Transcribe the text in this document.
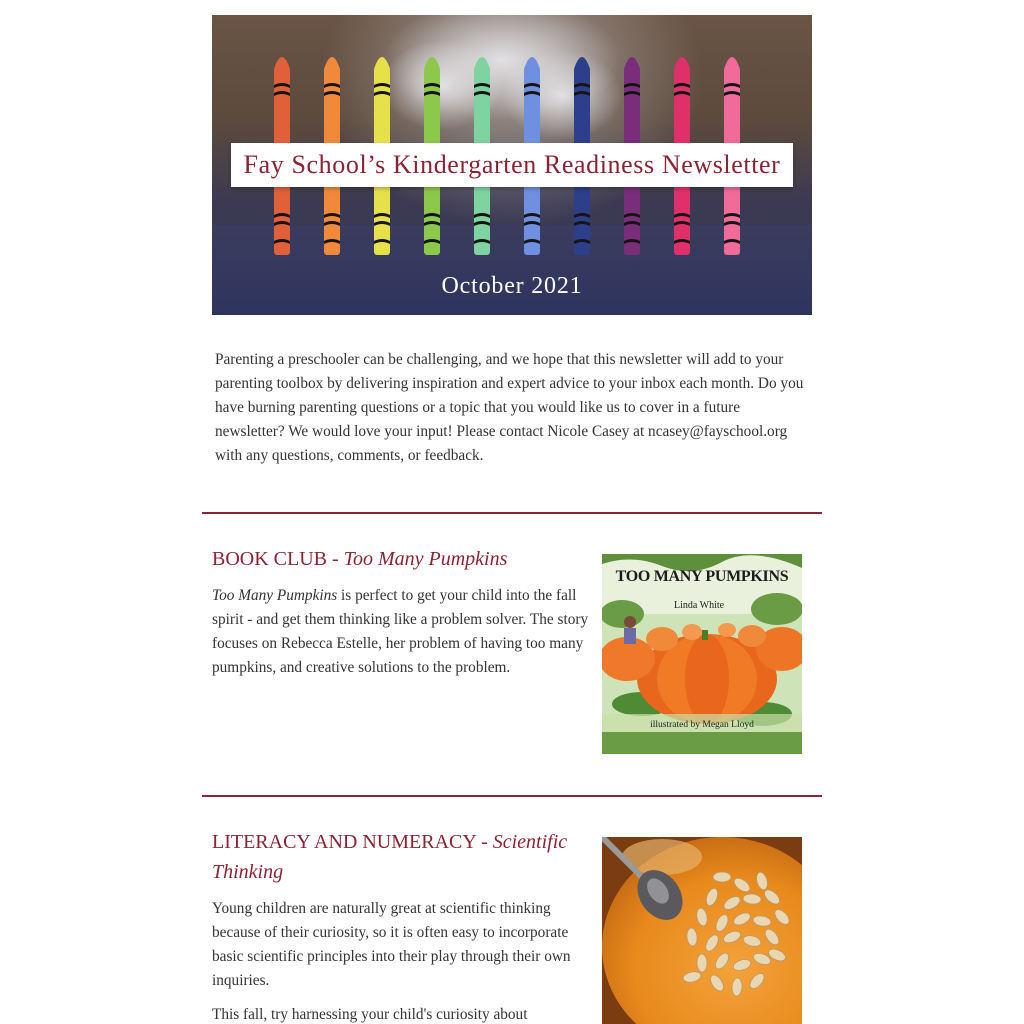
Fay School’s Kindergarten Readiness Newsletter
October 2021

Parenting a preschooler can be challenging, and we hope that this newsletter will add to your parenting toolbox by delivering inspiration and expert advice to your inbox each month. Do you have burning parenting questions or a topic that you would like us to cover in a future newsletter? We would love your input! Please contact Nicole Casey at ncasey@fayschool.org with any questions, comments, or feedback.

BOOK CLUB - Too Many Pumpkins

Too Many Pumpkins is perfect to get your child into the fall spirit - and get them thinking like a problem solver. The story focuses on Rebecca Estelle, her problem of having too many pumpkins, and creative solutions to the problem.

TOO MANY PUMPKINS
Linda White
illustrated by Megan Lloyd
LITERACY AND NUMERACY - Scientific Thinking

Young children are naturally great at scientific thinking because of their curiosity, so it is often easy to incorporate basic scientific principles into their play through their own inquiries.

This fall, try harnessing your child's curiosity about
